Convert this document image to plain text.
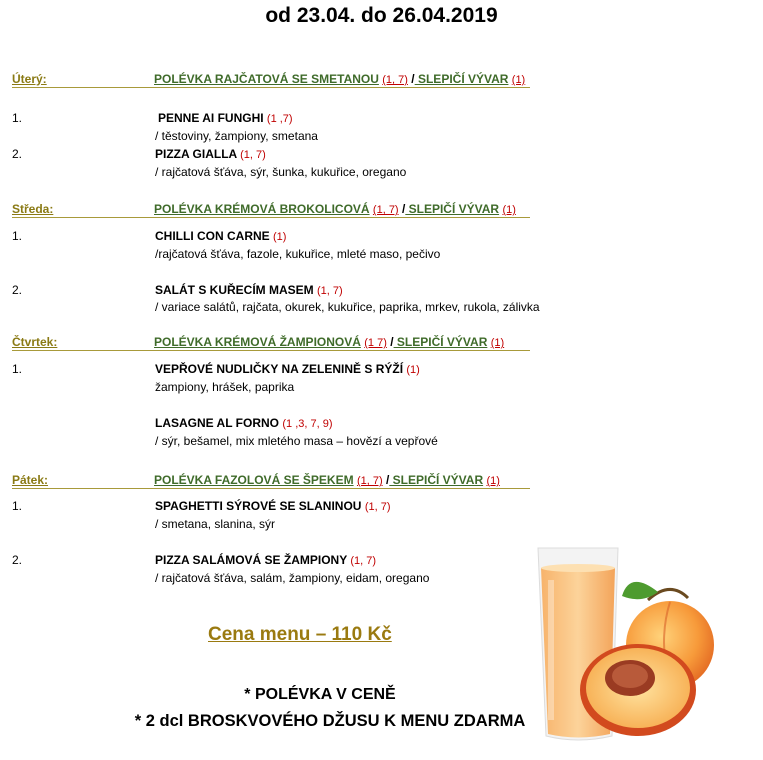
od 23.04. do 26.04.2019
Úterý:	POLÉVKA RAJČATOVÁ SE SMETANOU (1, 7) / SLEPIČÍ VÝVAR (1)
1.	PENNE AI FUNGHI (1 ,7)
/ těstoviny, žampiony, smetana
2.	PIZZA GIALLA (1, 7)
/ rajčatová šťáva, sýr, šunka, kukuřice, oregano
Středa:	POLÉVKA KRÉMOVÁ BROKOLICOVÁ (1, 7) / SLEPIČÍ VÝVAR (1)
1.	CHILLI CON CARNE (1)
/rajčatová šťáva, fazole, kukuřice, mleté maso, pečivo
2.	SALÁT S KUŘECÍM MASEM (1, 7)
/ variace salátů, rajčata, okurek, kukuřice, paprika, mrkev, rukola, zálivka
Čtvrtek:	POLÉVKA KRÉMOVÁ ŽAMPIONOVÁ (1 7) / SLEPIČÍ VÝVAR (1)
1.	VEPŘOVÉ NUDLIČKY NA ZELENINĚ S RÝŽÍ (1)
žampiony, hrášek, paprika
LASAGNE AL FORNO (1 ,3, 7, 9)
/ sýr, bešamel, mix mletého masa – hovězí a vepřové
Pátek:	POLÉVKA FAZOLOVÁ SE ŠPEKEM (1, 7) / SLEPIČÍ VÝVAR (1)
1.	SPAGHETTI SÝROVÉ SE SLANINOU (1, 7)
/ smetana, slanina, sýr
2.	PIZZA SALÁMOVÁ SE ŽAMPIONY (1, 7)
/ rajčatová šťáva, salám, žampiony, eidam, oregano
Cena menu – 110 Kč
* POLÉVKA V CENĚ
* 2 dcl BROSKVOVÉHO DŽUSU K MENU ZDARMA
